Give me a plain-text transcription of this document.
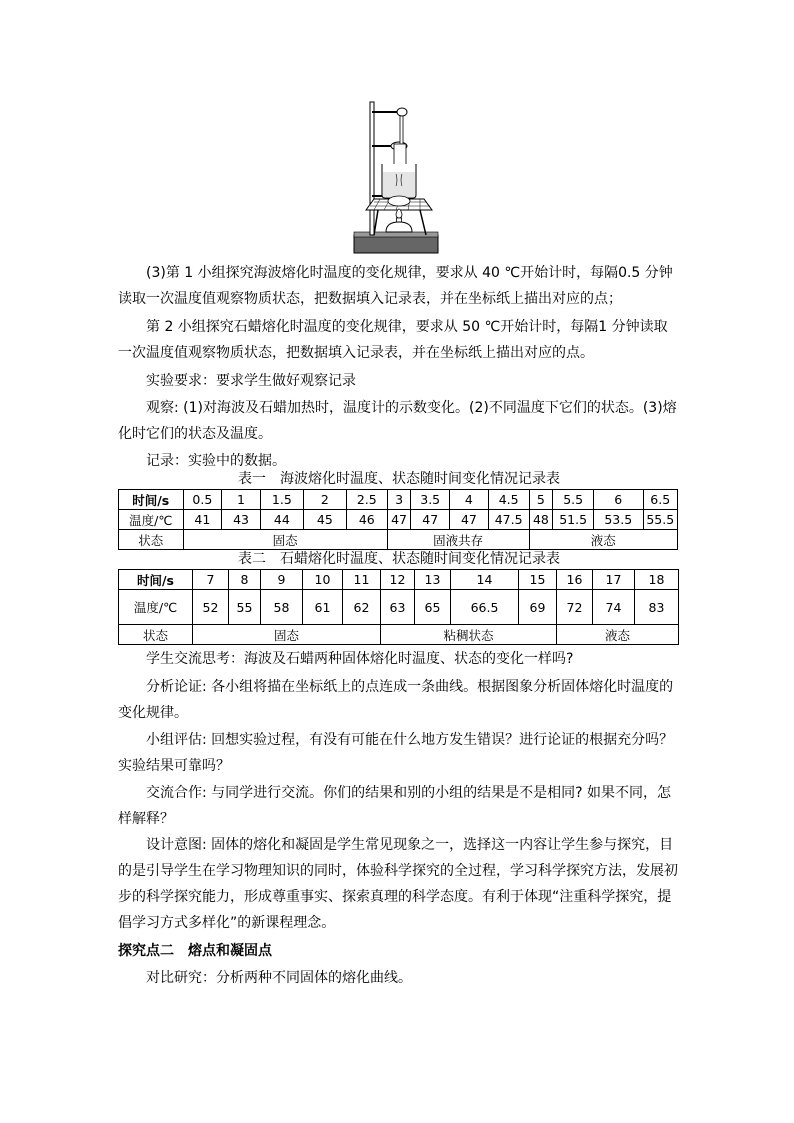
(3)第 1 小组探究海波熔化时温度的变化规律，要求从 40 ℃开始计时，每隔0.5 分钟读取一次温度值观察物质状态，把数据填入记录表，并在坐标纸上描出对应的点；

第 2 小组探究石蜡熔化时温度的变化规律，要求从 50 ℃开始计时，每隔1 分钟读取一次温度值观察物质状态，把数据填入记录表，并在坐标纸上描出对应的点。

实验要求：要求学生做好观察记录

观察: (1)对海波及石蜡加热时，温度计的示数变化。(2)不同温度下它们的状态。(3)熔化时它们的状态及温度。

记录：实验中的数据。

表一　海波熔化时温度、状态随时间变化情况记录表
时间/s	0.5	1	1.5	2	2.5	3	3.5	4	4.5	5	5.5	6	6.5
温度/℃	41	43	44	45	46	47	47	47	47.5	48	51.5	53.5	55.5
状态	固态					固液共存				液态			
表二　石蜡熔化时温度、状态随时间变化情况记录表
时间/s	7	8	9	10	11	12	13	14	15	16	17	18
温度/℃	52	55	58	61	62	63	65	66.5	69	72	74	83
状态	固态					粘稠状态				液态		

学生交流思考：海波及石蜡两种固体熔化时温度、状态的变化一样吗?

分析论证: 各小组将描在坐标纸上的点连成一条曲线。根据图象分析固体熔化时温度的变化规律。

小组评估: 回想实验过程，有没有可能在什么地方发生错误？进行论证的根据充分吗？实验结果可靠吗？

交流合作: 与同学进行交流。你们的结果和别的小组的结果是不是相同? 如果不同，怎样解释？

设计意图: 固体的熔化和凝固是学生常见现象之一，选择这一内容让学生参与探究，目的是引导学生在学习物理知识的同时，体验科学探究的全过程，学习科学探究方法，发展初步的科学探究能力，形成尊重事实、探索真理的科学态度。有利于体现“注重科学探究，提倡学习方式多样化”的新课程理念。

探究点二　熔点和凝固点

对比研究：分析两种不同固体的熔化曲线。
